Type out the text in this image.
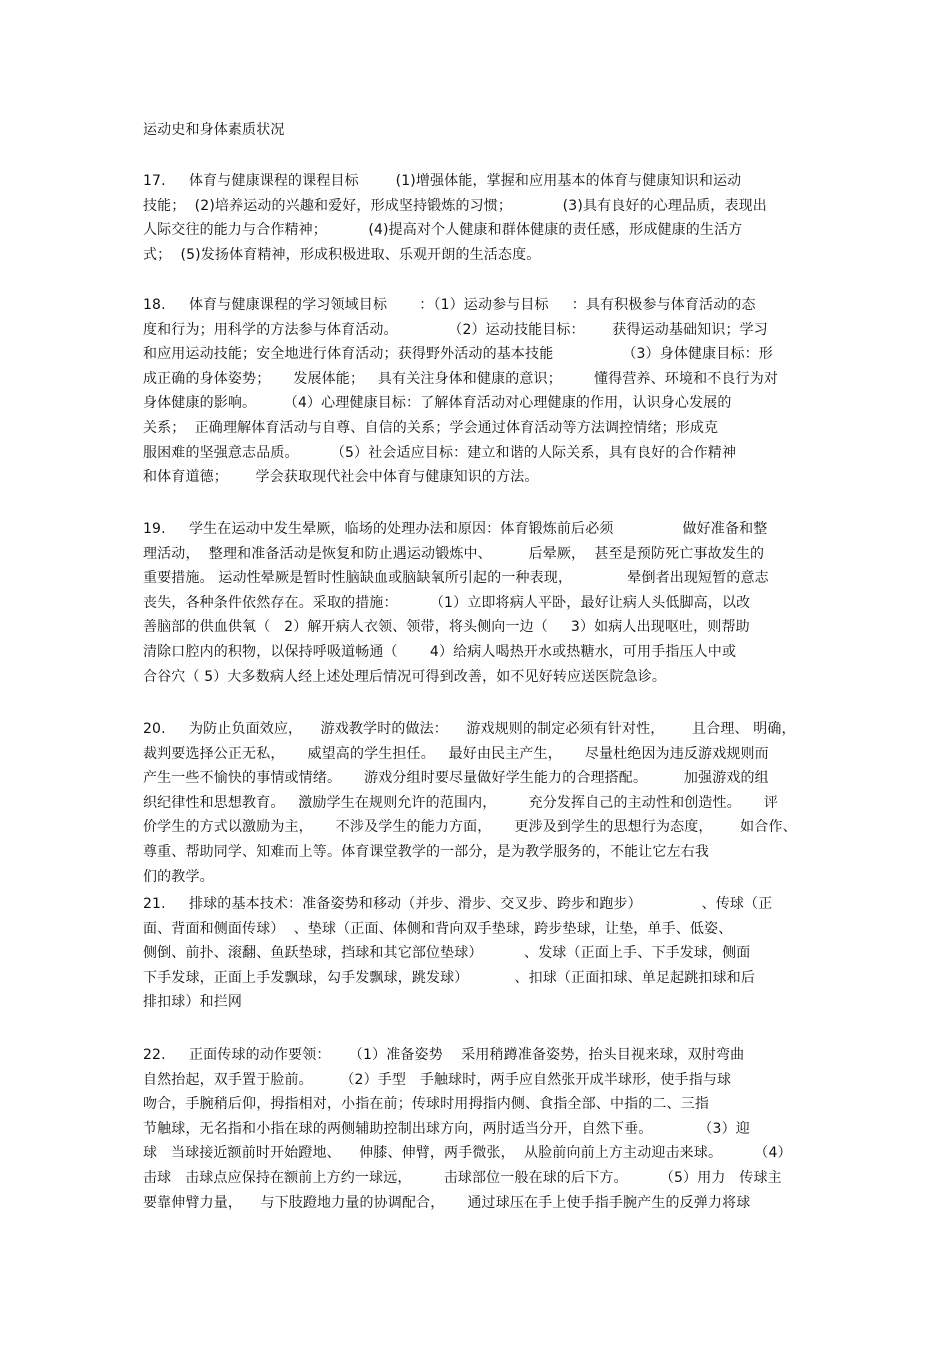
运动史和身体素质状况

17. 体育与健康课程的课程目标        (1)增强体能，掌握和应用基本的体育与健康知识和运动

技能；  (2)培养运动的兴趣和爱好，形成坚持锻炼的习惯；           (3)具有良好的心理品质，表现出

人际交往的能力与合作精神；         (4)提高对个人健康和群体健康的责任感，形成健康的生活方

式；  (5)发扬体育精神，形成积极进取、乐观开朗的生活态度。

18. 体育与健康课程的学习领域目标       ：（1）运动参与目标     ：具有积极参与体育活动的态

度和行为；用科学的方法参与体育活动。           （2）运动技能目标：      获得运动基础知识；学习

和应用运动技能；安全地进行体育活动；获得野外活动的基本技能               （3）身体健康目标：形

成正确的身体姿势；     发展体能；   具有关注身体和健康的意识；       懂得营养、环境和不良行为对

身体健康的影响。      （4）心理健康目标：了解体育活动对心理健康的作用，认识身心发展的

关系；  正确理解体育活动与自尊、自信的关系；学会通过体育活动等方法调控情绪；形成克

服困难的坚强意志品质。       （5）社会适应目标：建立和谐的人际关系，具有良好的合作精神

和体育道德；      学会获取现代社会中体育与健康知识的方法。

19. 学生在运动中发生晕厥，临场的处理办法和原因：体育锻炼前后必须               做好准备和整

理活动，  整理和准备活动是恢复和防止遇运动锻炼中、        后晕厥，  甚至是预防死亡事故发生的

重要措施。 运动性晕厥是暂时性脑缺血或脑缺氧所引起的一种表现，            晕倒者出现短暂的意志

丧失，各种条件依然存在。采取的措施：       （1）立即将病人平卧，最好让病人头低脚高，以改

善脑部的供血供氧（   2）解开病人衣领、领带，将头侧向一边（     3）如病人出现呕吐，则帮助

清除口腔内的积物，以保持呼吸道畅通（       4）给病人喝热开水或热糖水，可用手指压人中或

合谷穴（ 5）大多数病人经上述处理后情况可得到改善，如不见好转应送医院急诊。

20. 为防止负面效应，    游戏教学时的做法：    游戏规则的制定必须有针对性，      且合理、 明确，

裁判要选择公正无私，     威望高的学生担任。   最好由民主产生，     尽量杜绝因为违反游戏规则而

产生一些不愉快的事情或情绪。     游戏分组时要尽量做好学生能力的合理搭配。        加强游戏的组

织纪律性和思想教育。   激励学生在规则允许的范围内，       充分发挥自己的主动性和创造性。     评

价学生的方式以激励为主，     不涉及学生的能力方面，     更涉及到学生的思想行为态度，      如合作、

尊重、帮助同学、知难而上等。体育课堂教学的一部分，是为教学服务的，不能让它左右我

们的教学。

21. 排球的基本技术：准备姿势和移动（并步、滑步、交叉步、跨步和跑步）             、传球（正

面、背面和侧面传球）  、垫球（正面、体侧和背向双手垫球，跨步垫球，让垫，单手、低姿、

侧倒、前扑、滚翻、鱼跃垫球，挡球和其它部位垫球）         、发球（正面上手、下手发球，侧面

下手发球，正面上手发飘球，勾手发飘球，跳发球）          、扣球（正面扣球、单足起跳扣球和后

排扣球）和拦网

22. 正面传球的动作要领：    （1）准备姿势    采用稍蹲准备姿势，抬头目视来球，双肘弯曲

自然抬起，双手置于脸前。      （2）手型   手触球时，两手应自然张开成半球形，使手指与球

吻合，手腕稍后仰，拇指相对，小指在前；传球时用拇指内侧、食指全部、中指的二、三指

节触球，无名指和小指在球的两侧辅助控制出球方向，两肘适当分开，自然下垂。          （3）迎

球   当球接近额前时开始蹬地、    伸膝、伸臂，两手微张，  从脸前向前上方主动迎击来球。       （4）

击球   击球点应保持在额前上方约一球远，       击球部位一般在球的后下方。       （5）用力   传球主

要靠伸臂力量，    与下肢蹬地力量的协调配合，     通过球压在手上使手指手腕产生的反弹力将球
